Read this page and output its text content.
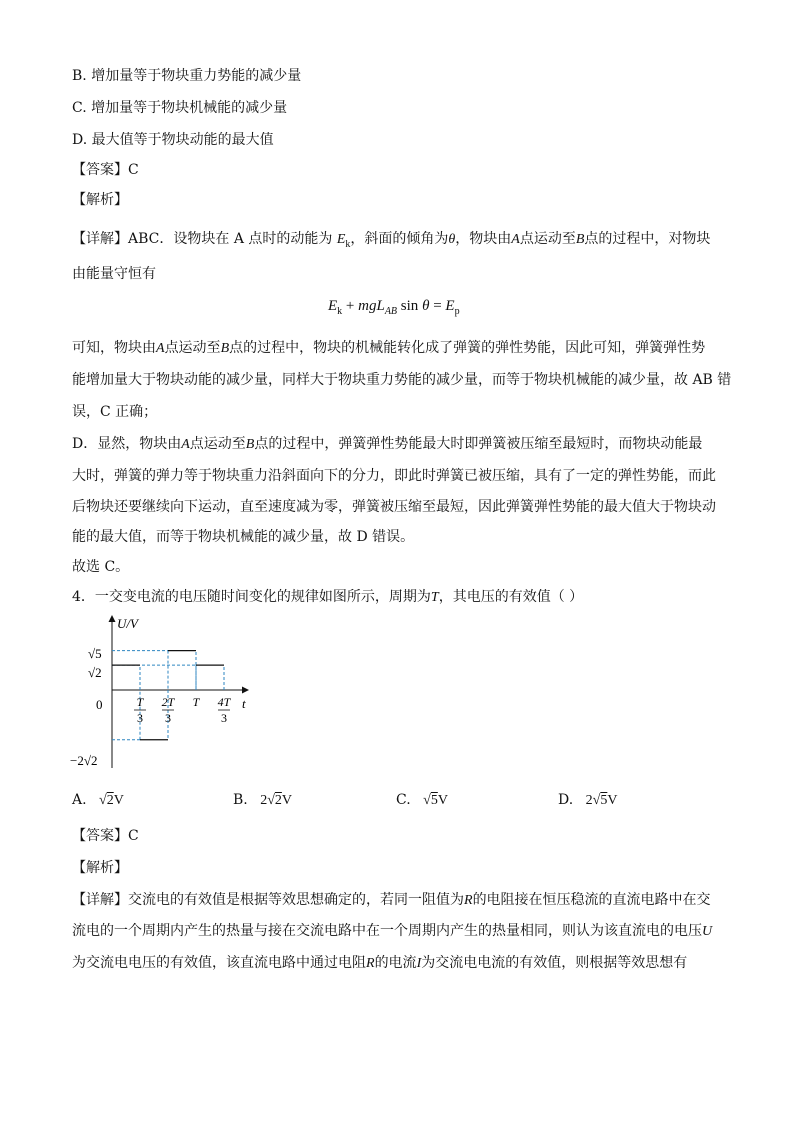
B. 增加量等于物块重力势能的减少量
C. 增加量等于物块机械能的减少量
D. 最大值等于物块动能的最大值
【答案】C
【解析】
【详解】ABC．设物块在 A 点时的动能为 $E_k$，斜面的倾角为θ，物块由A点运动至B点的过程中，对物块
由能量守恒有
$E_k + mgL_{AB}$ $\sin \theta = E_p$
可知，物块由A点运动至B点的过程中，物块的机械能转化成了弹簧的弹性势能，因此可知，弹簧弹性势
能增加量大于物块动能的减少量，同样大于物块重力势能的减少量，而等于物块机械能的减少量，故 AB 错
误，C 正确；
D．显然，物块由A点运动至B点的过程中，弹簧弹性势能最大时即弹簧被压缩至最短时，而物块动能最
大时，弹簧的弹力等于物块重力沿斜面向下的分力，即此时弹簧已被压缩，具有了一定的弹性势能，而此
后物块还要继续向下运动，直至速度减为零，弹簧被压缩至最短，因此弹簧弹性势能的最大值大于物块动
能的最大值，而等于物块机械能的减少量，故 D 错误。
故选 C。
4．一交变电流的电压随时间变化的规律如图所示，周期为T，其电压的有效值（ ）
U/V
t
0
√5
√2
−2√2
T
3
2T
3
T 4T
3
A. √2V	B. 2√2V	C. √5V	D. 2√5V
【答案】C
【解析】
【详解】交流电的有效值是根据等效思想确定的，若同一阻值为R的电阻接在恒压稳流的直流电路中在交
流电的一个周期内产生的热量与接在交流电路中在一个周期内产生的热量相同，则认为该直流电的电压U
为交流电电压的有效值，该直流电路中通过电阻R的电流I为交流电电流的有效值，则根据等效思想有
